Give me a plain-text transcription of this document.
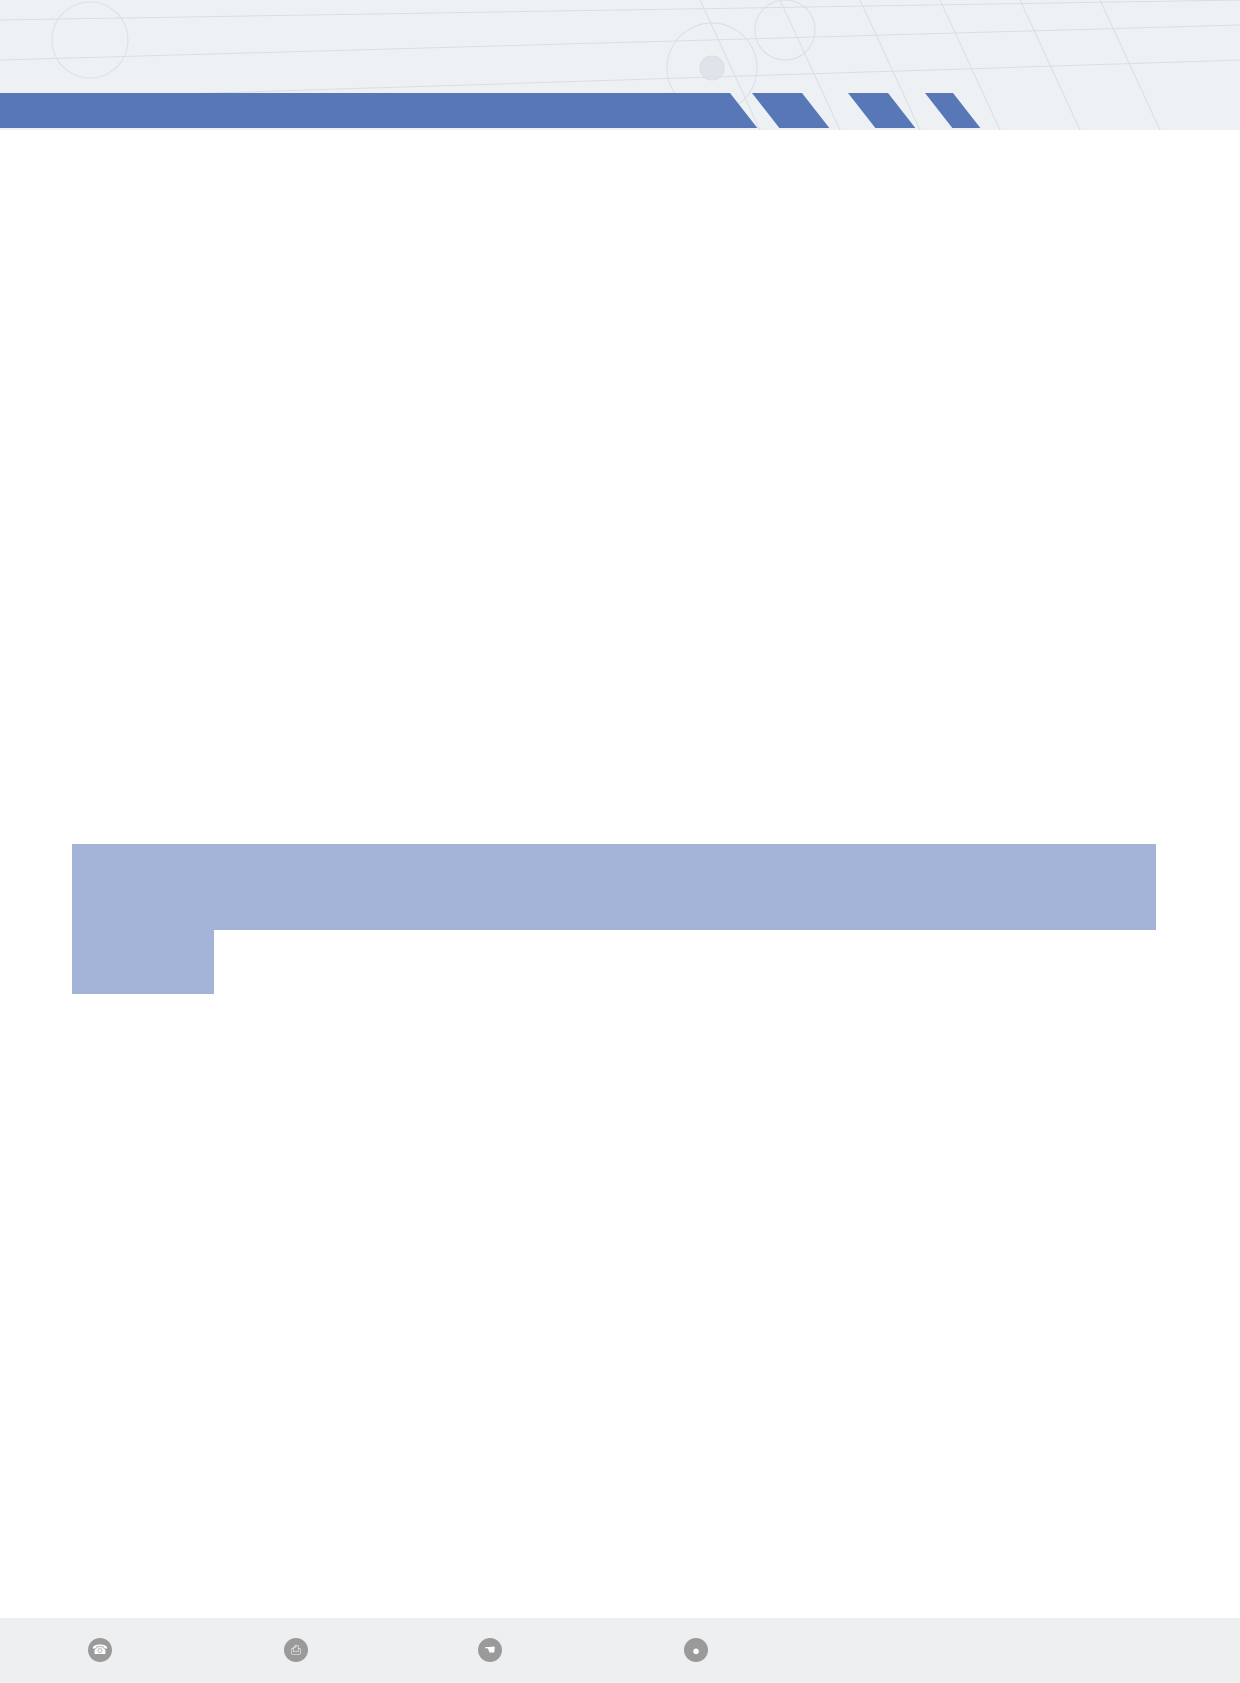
☎	⎙	☚	●
